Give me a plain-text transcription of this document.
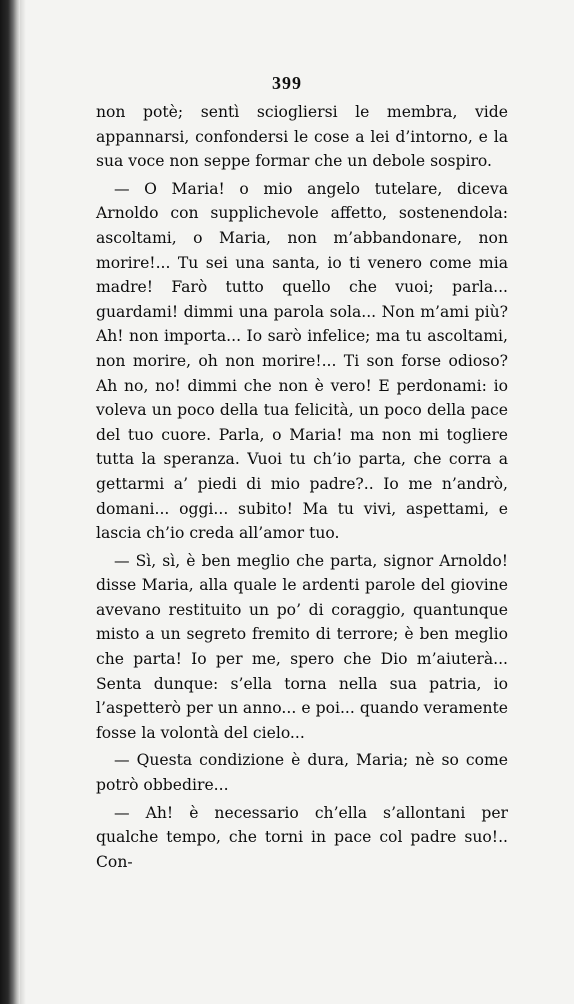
399

non potè; sentì sciogliersi le membra, vide appannarsi, confondersi le cose a lei d’intorno, e la sua voce non seppe formar che un debole sospiro.

— O Maria! o mio angelo tutelare, diceva Arnoldo con supplichevole affetto, sostenendola: ascoltami, o Maria, non m’abbandonare, non morire!... Tu sei una santa, io ti venero come mia madre! Farò tutto quello che vuoi; parla... guardami! dimmi una parola sola... Non m’ami più? Ah! non importa... Io sarò infelice; ma tu ascoltami, non morire, oh non morire!... Ti son forse odioso? Ah no, no! dimmi che non è vero! E perdonami: io voleva un poco della tua felicità, un poco della pace del tuo cuore. Parla, o Maria! ma non mi togliere tutta la speranza. Vuoi tu ch’io parta, che corra a gettarmi a’ piedi di mio padre?.. Io me n’andrò, domani... oggi... subito! Ma tu vivi, aspettami, e lascia ch’io creda all’amor tuo.

— Sì, sì, è ben meglio che parta, signor Arnoldo! disse Maria, alla quale le ardenti parole del giovine avevano restituito un po’ di coraggio, quantunque misto a un segreto fremito di terrore; è ben meglio che parta! Io per me, spero che Dio m’aiuterà... Senta dunque: s’ella torna nella sua patria, io l’aspetterò per un anno... e poi... quando veramente fosse la volontà del cielo...

— Questa condizione è dura, Maria; nè so come potrò obbedire...

— Ah! è necessario ch’ella s’allontani per qualche tempo, che torni in pace col padre suo!.. Con-
